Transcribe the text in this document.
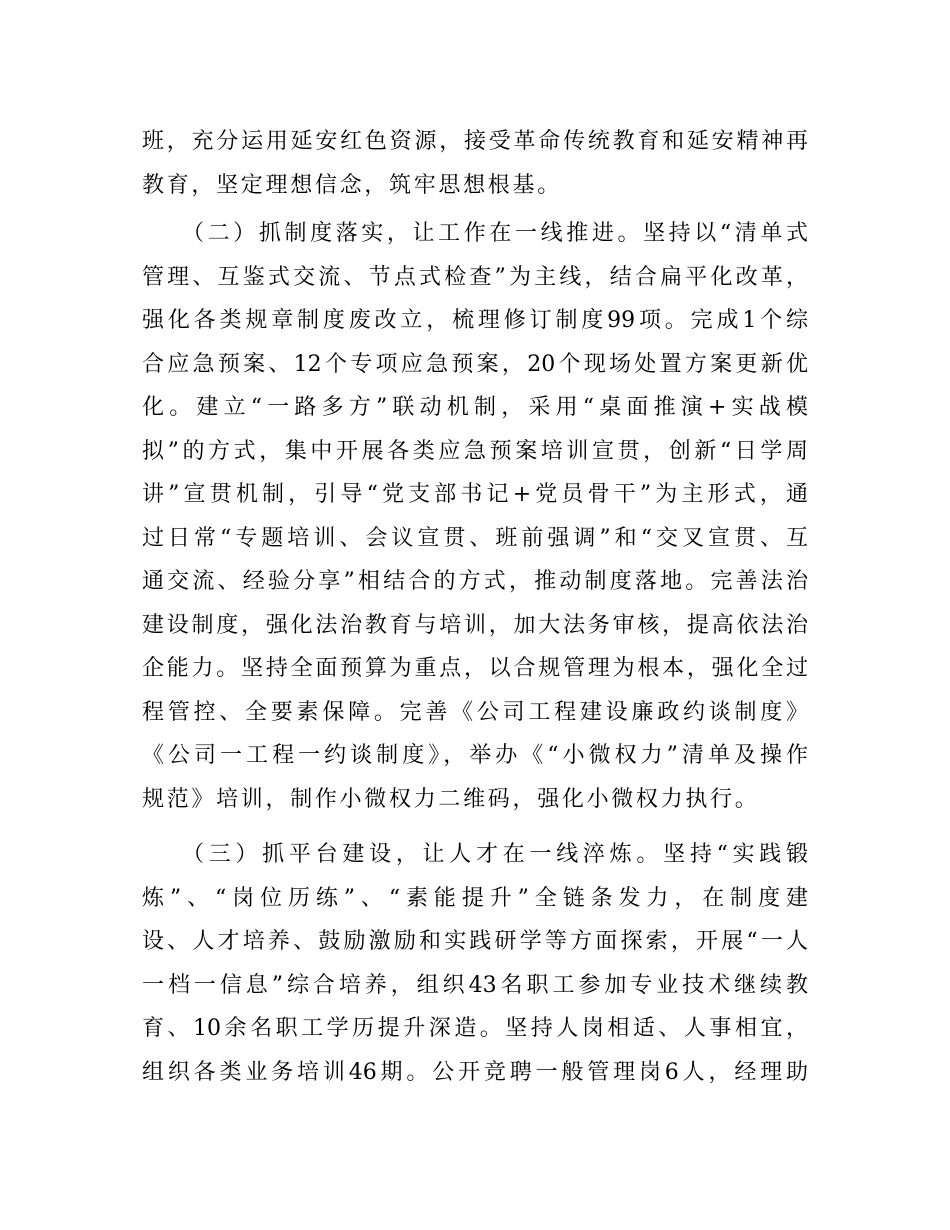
班，充分运用延安红色资源，接受革命传统教育和延安精神再
教育，坚定理想信念，筑牢思想根基。
（二）抓制度落实，让工作在一线推进。坚持以“清单式
管理、互鉴式交流、节点式检查”为主线，结合扁平化改革，
强化各类规章制度废改立，梳理修订制度99项。完成1个综
合应急预案、12个专项应急预案，20个现场处置方案更新优
化。建立“一路多方”联动机制，采用“桌面推演+实战模
拟”的方式，集中开展各类应急预案培训宣贯，创新“日学周
讲”宣贯机制，引导“党支部书记+党员骨干”为主形式，通
过日常“专题培训、会议宣贯、班前强调”和“交叉宣贯、互
通交流、经验分享”相结合的方式，推动制度落地。完善法治
建设制度，强化法治教育与培训，加大法务审核，提高依法治
企能力。坚持全面预算为重点，以合规管理为根本，强化全过
程管控、全要素保障。完善《公司工程建设廉政约谈制度》
《公司一工程一约谈制度》，举办《“小微权力”清单及操作
规范》培训，制作小微权力二维码，强化小微权力执行。
（三）抓平台建设，让人才在一线淬炼。坚持“实践锻
炼”、“岗位历练”、“素能提升”全链条发力，在制度建
设、人才培养、鼓励激励和实践研学等方面探索，开展“一人
一档一信息”综合培养，组织43名职工参加专业技术继续教
育、10余名职工学历提升深造。坚持人岗相适、人事相宜，
组织各类业务培训46期。公开竞聘一般管理岗6人，经理助
